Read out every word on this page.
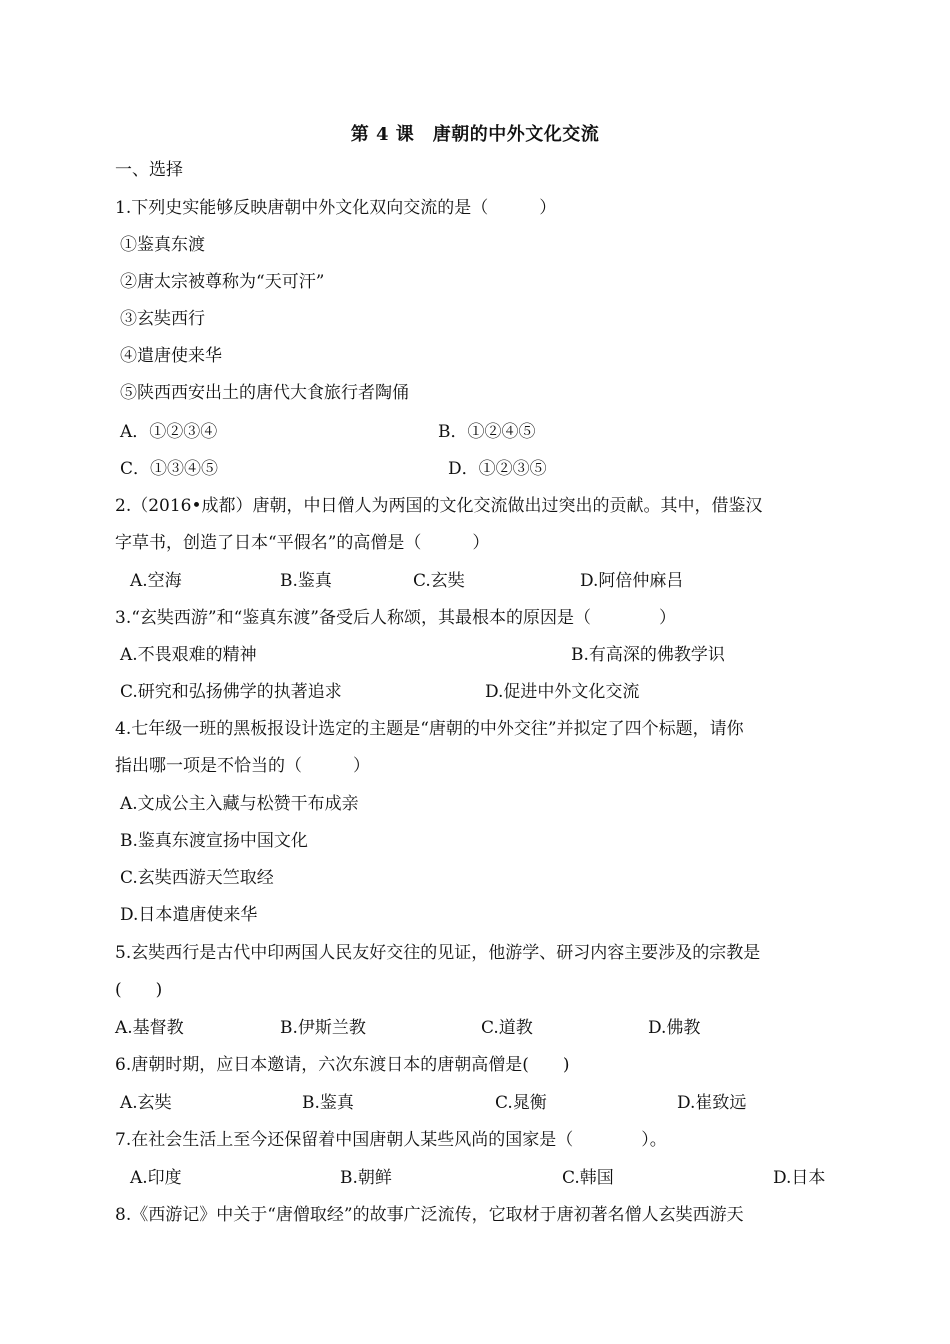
第 4 课　唐朝的中外文化交流
一、选择
1.下列史实能够反映唐朝中外文化双向交流的是（　　　）
①鉴真东渡
②唐太宗被尊称为“天可汗”
③玄奘西行
④遣唐使来华
⑤陕西西安出土的唐代大食旅行者陶俑
A．①②③④	B．①②④⑤
C．①③④⑤	D．①②③⑤
2.（2016•成都）唐朝，中日僧人为两国的文化交流做出过突出的贡献。其中，借鉴汉
字草书，创造了日本“平假名”的高僧是（　　　）
A.空海	B.鉴真	C.玄奘	D.阿倍仲麻吕
3.“玄奘西游”和“鉴真东渡”备受后人称颂，其最根本的原因是（　　　　）
A.不畏艰难的精神	B.有高深的佛教学识
C.研究和弘扬佛学的执著追求	D.促进中外文化交流
4.七年级一班的黑板报设计选定的主题是“唐朝的中外交往”并拟定了四个标题，请你
指出哪一项是不恰当的（　　　）
A.文成公主入藏与松赞干布成亲
B.鉴真东渡宣扬中国文化
C.玄奘西游天竺取经
D.日本遣唐使来华
5.玄奘西行是古代中印两国人民友好交往的见证，他游学、研习内容主要涉及的宗教是
(　　)
A.基督教	B.伊斯兰教	C.道教	D.佛教
6.唐朝时期，应日本邀请，六次东渡日本的唐朝高僧是(　　)
A.玄奘	B.鉴真	C.晁衡	D.崔致远
7.在社会生活上至今还保留着中国唐朝人某些风尚的国家是（　　　　）。
A.印度	B.朝鲜	C.韩国	D.日本
8.《西游记》中关于“唐僧取经”的故事广泛流传，它取材于唐初著名僧人玄奘西游天
